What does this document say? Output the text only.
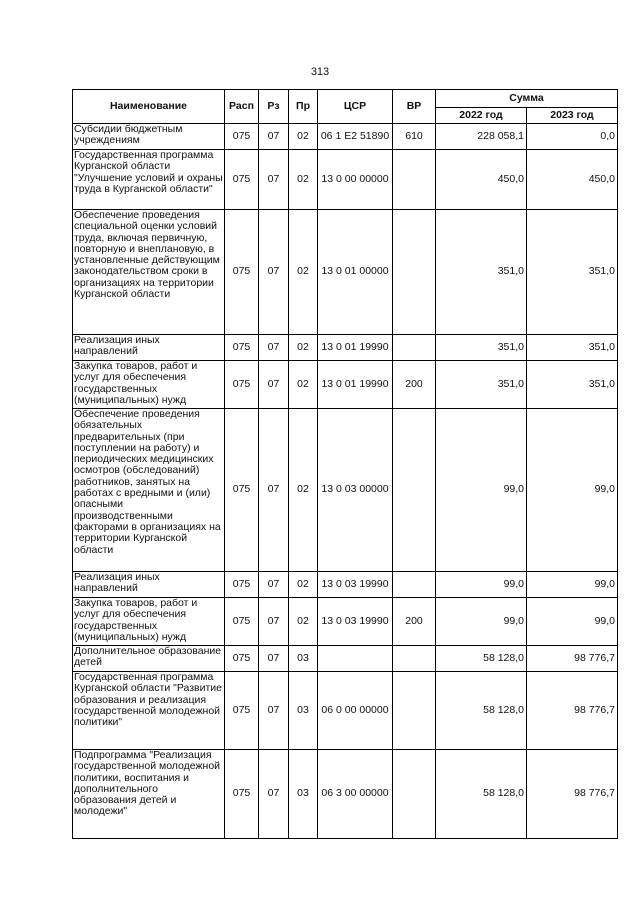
313
Наименование	Расп	Рз	Пр	ЦСР	ВР	Сумма	
						2022 год	2023 год
Субсидии бюджетным учреждениям	075	07	02	06 1 Е2 51890	610	228 058,1	0,0
Государственная программа Курганской области "Улучшение условий и охраны труда в Курганской области"	075	07	02	13 0 00 00000		450,0	450,0
Обеспечение проведения специальной оценки условий труда, включая первичную, повторную и внеплановую, в установленные действующим законодательством сроки в организациях на территории Курганской области	075	07	02	13 0 01 00000		351,0	351,0
Реализация иных направлений	075	07	02	13 0 01 19990		351,0	351,0
Закупка товаров, работ и услуг для обеспечения государственных (муниципальных) нужд	075	07	02	13 0 01 19990	200	351,0	351,0
Обеспечение проведения обязательных предварительных (при поступлении на работу) и периодических медицинских осмотров (обследований) работников, занятых на работах с вредными и (или) опасными производственными факторами в организациях на территории Курганской области	075	07	02	13 0 03 00000		99,0	99,0
Реализация иных направлений	075	07	02	13 0 03 19990		99,0	99,0
Закупка товаров, работ и услуг для обеспечения государственных (муниципальных) нужд	075	07	02	13 0 03 19990	200	99,0	99,0
Дополнительное образование детей	075	07	03			58 128,0	98 776,7
Государственная программа Курганской области "Развитие образования и реализация государственной молодежной политики"	075	07	03	06 0 00 00000		58 128,0	98 776,7
Подпрограмма "Реализация государственной молодежной политики, воспитания и дополнительного образования детей и молодежи"	075	07	03	06 3 00 00000		58 128,0	98 776,7
